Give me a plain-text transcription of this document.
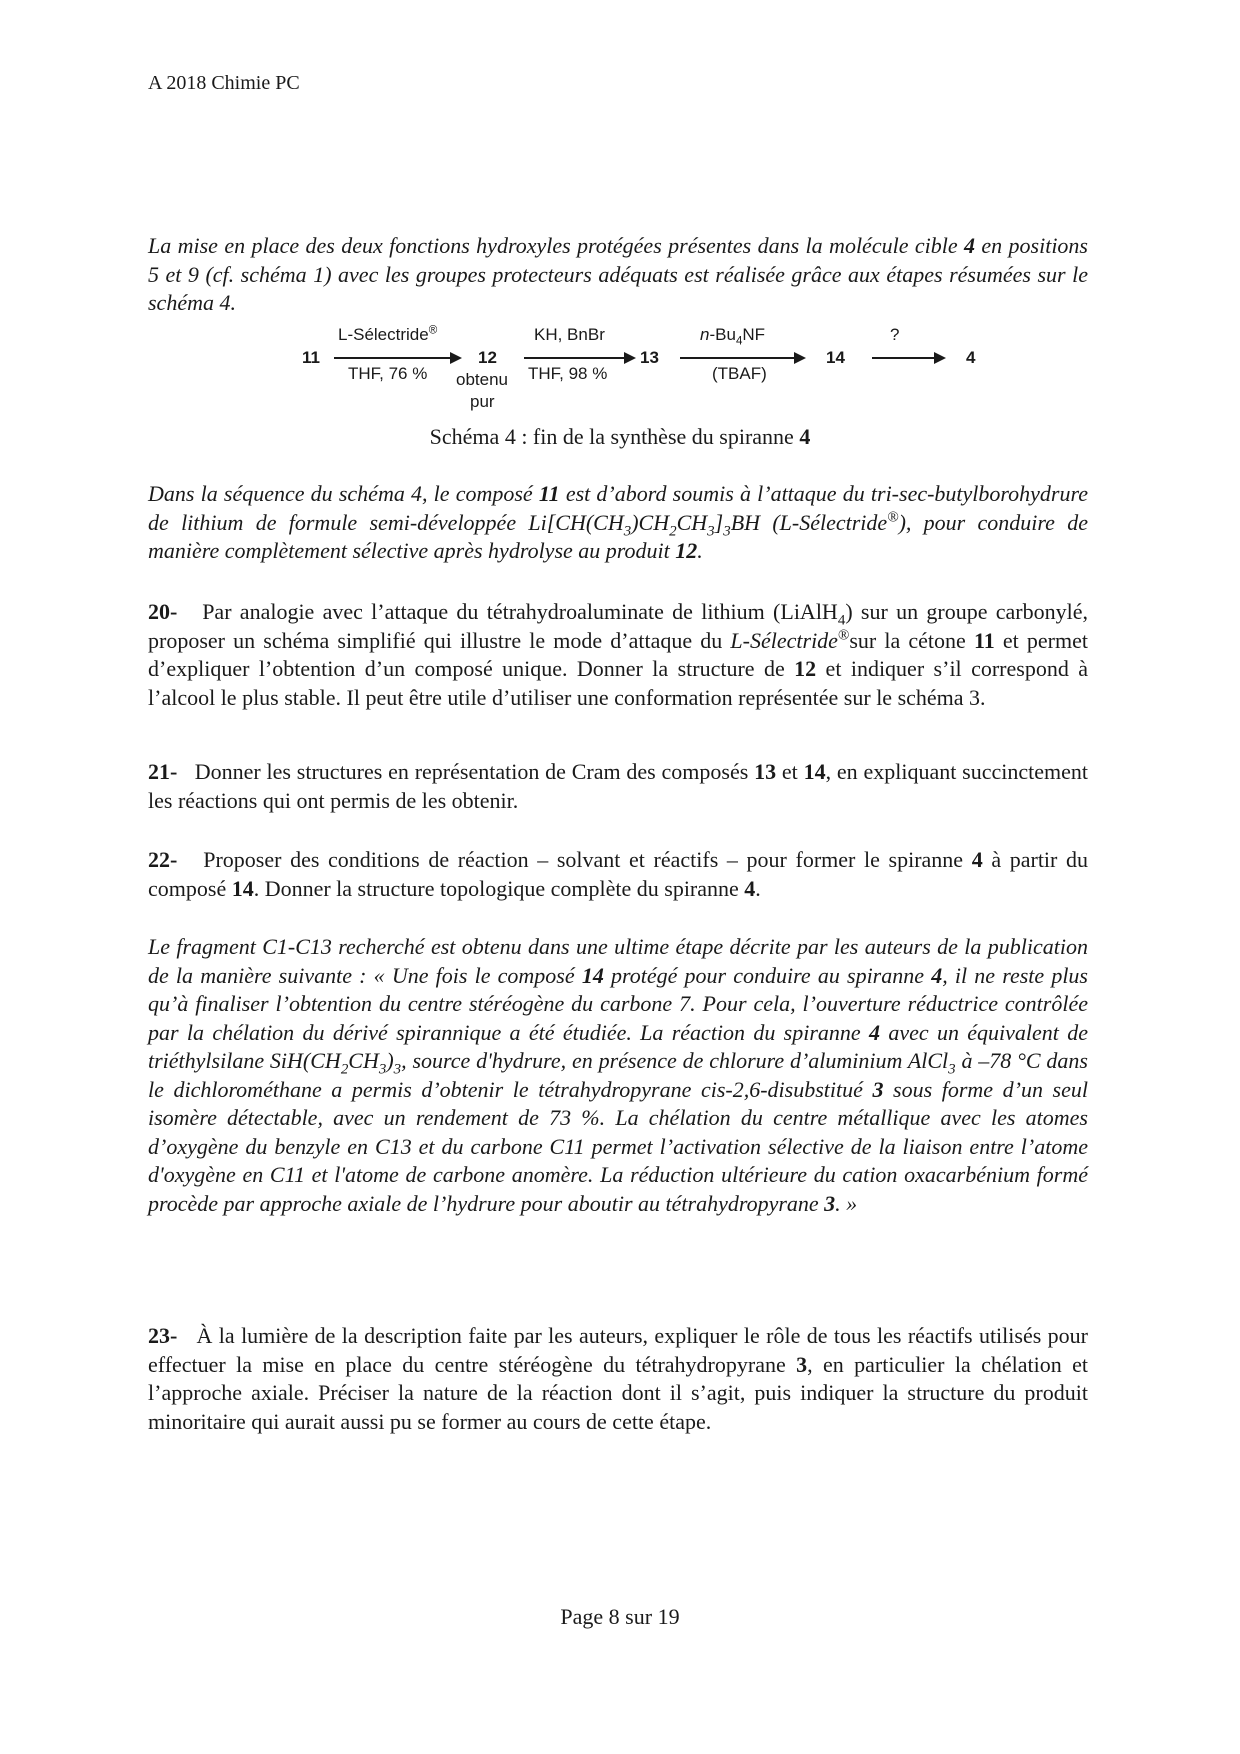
A 2018 Chimie PC
La mise en place des deux fonctions hydroxyles protégées présentes dans la molécule cible 4 en positions 5 et 9 (cf. schéma 1) avec les groupes protecteurs adéquats est réalisée grâce aux étapes résumées sur le schéma 4.
11
L-Sélectride®
THF, 76 %
12
obtenu
pur
KH, BnBr
THF, 98 %
13
$n-Bu_4NF$
(TBAF)
14
?
4
Schéma 4 : fin de la synthèse du spiranne 4
Dans la séquence du schéma 4, le composé 11 est d’abord soumis à l’attaque du tri-sec-butylborohydrure de lithium de formule semi-développée $Li[CH(CH_3)CH_2CH_3]_3BH$ (L-Sélectride®), pour conduire de manière complètement sélective après hydrolyse au produit 12.
20- Par analogie avec l’attaque du tétrahydroaluminate de lithium (LiAlH$_4$) sur un groupe carbonylé, proposer un schéma simplifié qui illustre le mode d’attaque du L-Sélectride®sur la cétone 11 et permet d’expliquer l’obtention d’un composé unique. Donner la structure de 12 et indiquer s’il correspond à l’alcool le plus stable. Il peut être utile d’utiliser une conformation représentée sur le schéma 3.
21- Donner les structures en représentation de Cram des composés 13 et 14, en expliquant succinctement les réactions qui ont permis de les obtenir.
22- Proposer des conditions de réaction – solvant et réactifs – pour former le spiranne 4 à partir du composé 14. Donner la structure topologique complète du spiranne 4.
Le fragment C1-C13 recherché est obtenu dans une ultime étape décrite par les auteurs de la publication de la manière suivante : « Une fois le composé 14 protégé pour conduire au spiranne 4, il ne reste plus qu’à finaliser l’obtention du centre stéréogène du carbone 7. Pour cela, l’ouverture réductrice contrôlée par la chélation du dérivé spirannique a été étudiée. La réaction du spiranne 4 avec un équivalent de triéthylsilane $SiH(CH_2CH_3)_3$, source d'hydrure, en présence de chlorure d’aluminium AlCl$_3$ à –78 °C dans le dichlorométhane a permis d’obtenir le tétrahydropyrane cis-2,6-disubstitué 3 sous forme d’un seul isomère détectable, avec un rendement de 73 %. La chélation du centre métallique avec les atomes d’oxygène du benzyle en C13 et du carbone C11 permet l’activation sélective de la liaison entre l’atome d'oxygène en C11 et l'atome de carbone anomère. La réduction ultérieure du cation oxacarbénium formé procède par approche axiale de l’hydrure pour aboutir au tétrahydropyrane 3. »
23- À la lumière de la description faite par les auteurs, expliquer le rôle de tous les réactifs utilisés pour effectuer la mise en place du centre stéréogène du tétrahydropyrane 3, en particulier la chélation et l’approche axiale. Préciser la nature de la réaction dont il s’agit, puis indiquer la structure du produit minoritaire qui aurait aussi pu se former au cours de cette étape.
Page 8 sur 19
